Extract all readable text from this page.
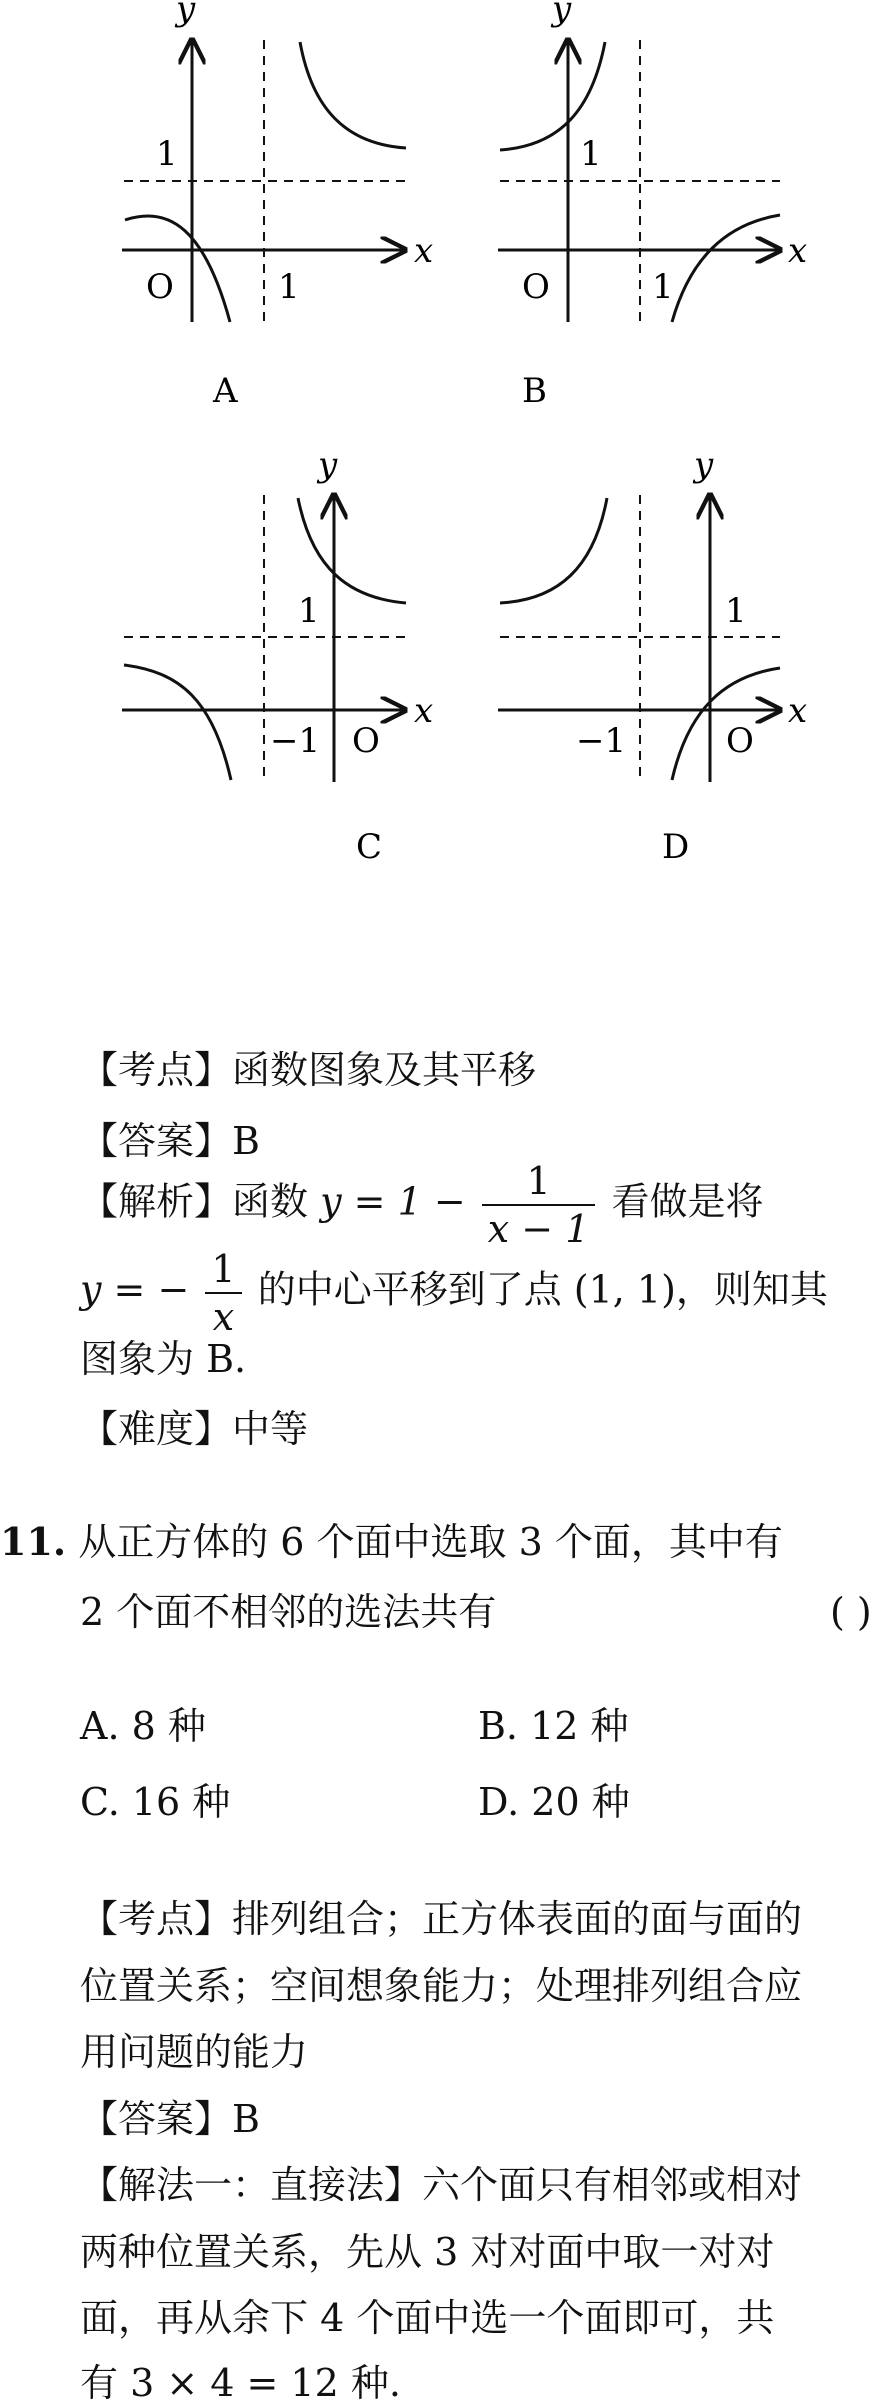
y
x
1
O	1
A
y
x
1
O	1
B
y
x
1
O
−1
C
y
x
1
O
−1
D
【考点】函数图象及其平移
【答案】B
【解析】函数 $y = 1 - \frac{1}{x - 1}$ 看做是将
y = − $\frac{1}{x}$ 的中心平移到了点 (1, 1)，则知其
图象为 B.
【难度】中等
11. 从正方体的 6 个面中选取 3 个面，其中有
2 个面不相邻的选法共有	( )
A. 8 种	B. 12 种
C. 16 种	D. 20 种
【考点】排列组合；正方体表面的面与面的
位置关系；空间想象能力；处理排列组合应
用问题的能力
【答案】B
【解法一：直接法】六个面只有相邻或相对
两种位置关系，先从 3 对对面中取一对对
面，再从余下 4 个面中选一个面即可，共
有 3 × 4 = 12 种.
